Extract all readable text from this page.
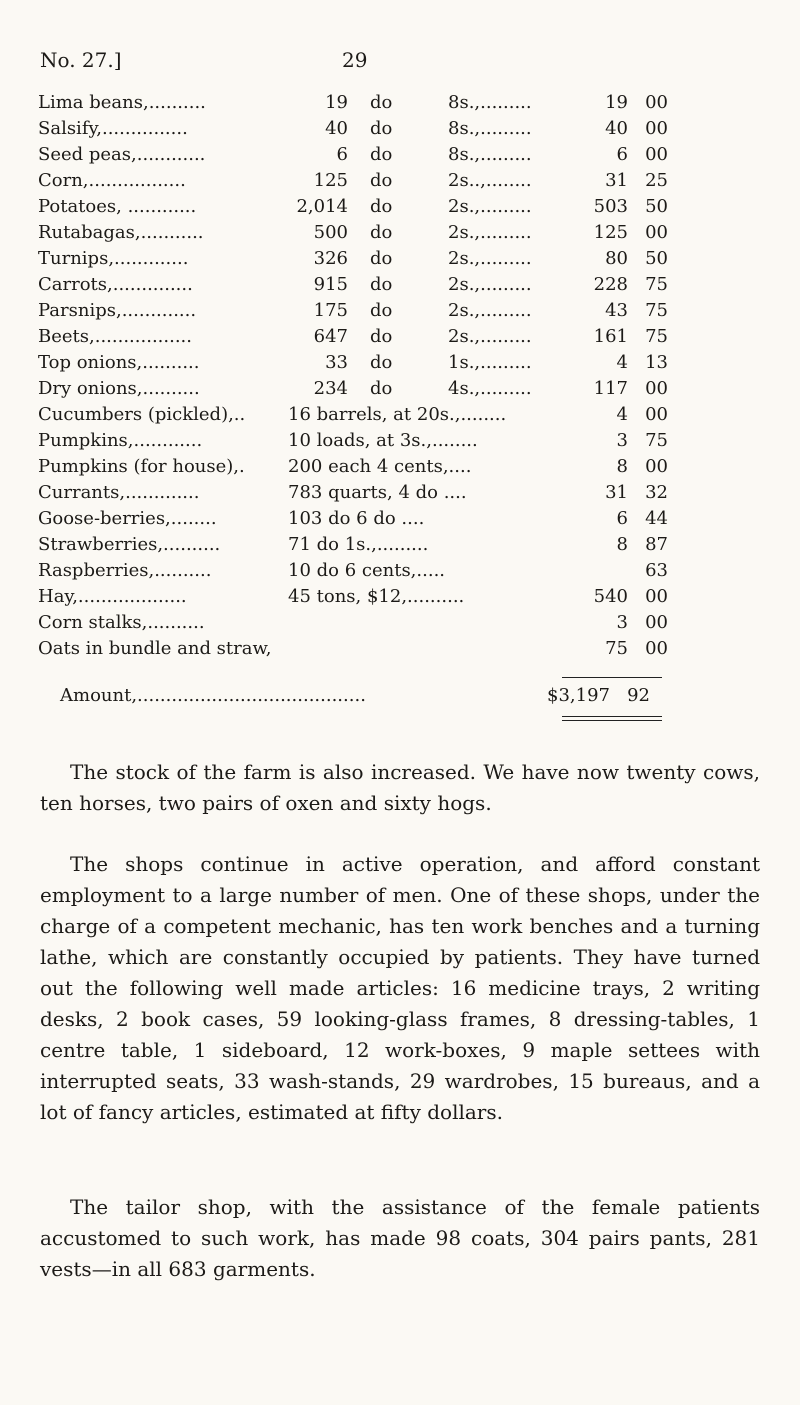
No. 27.]	29
Lima beans,..........	19 do	8s.,.........	19 00
Salsify,...............	40 do	8s.,.........	40 00
Seed peas,............	6 do	8s.,.........	6 00
Corn,.................	125 do	2s..,........	31 25
Potatoes, ............	2,014 do	2s.,.........	503 50
Rutabagas,...........	500 do	2s.,.........	125 00
Turnips,.............	326 do	2s.,.........	80 50
Carrots,..............	915 do	2s.,.........	228 75
Parsnips,.............	175 do	2s.,.........	43 75
Beets,.................	647 do	2s.,.........	161 75
Top onions,..........	33 do	1s.,.........	4 13
Dry onions,..........	234 do	4s.,.........	117 00
Cucumbers (pickled),.. 16 barrels, at 20s.,........	4 00
Pumpkins,............	10 loads, at 3s.,........	3 75
Pumpkins (for house),. 200 each 4 cents,....	8 00
Currants,.............	783 quarts, 4 do ....	31 32
Goose-berries,........	103 do 6 do ....	6 44
Strawberries,..........	71 do 1s.,.........	8 87
Raspberries,..........	10 do 6 cents,.....	63
Hay,...................	45 tons, $12,..........	540 00
Corn stalks,..........	3 00
Oats in bundle and straw,	75 00
Amount,........................................	$3,197 92

The stock of the farm is also increased. We have now twenty cows, ten horses, two pairs of oxen and sixty hogs.

The shops continue in active operation, and afford constant employment to a large number of men. One of these shops, under the charge of a competent mechanic, has ten work benches and a turning lathe, which are constantly occupied by patients. They have turned out the following well made articles: 16 medicine trays, 2 writing desks, 2 book cases, 59 looking-glass frames, 8 dressing-tables, 1 centre table, 1 sideboard, 12 work-boxes, 9 maple settees with interrupted seats, 33 wash-stands, 29 wardrobes, 15 bureaus, and a lot of fancy articles, estimated at fifty dollars.

The tailor shop, with the assistance of the female patients accustomed to such work, has made 98 coats, 304 pairs pants, 281 vests—in all 683 garments.
